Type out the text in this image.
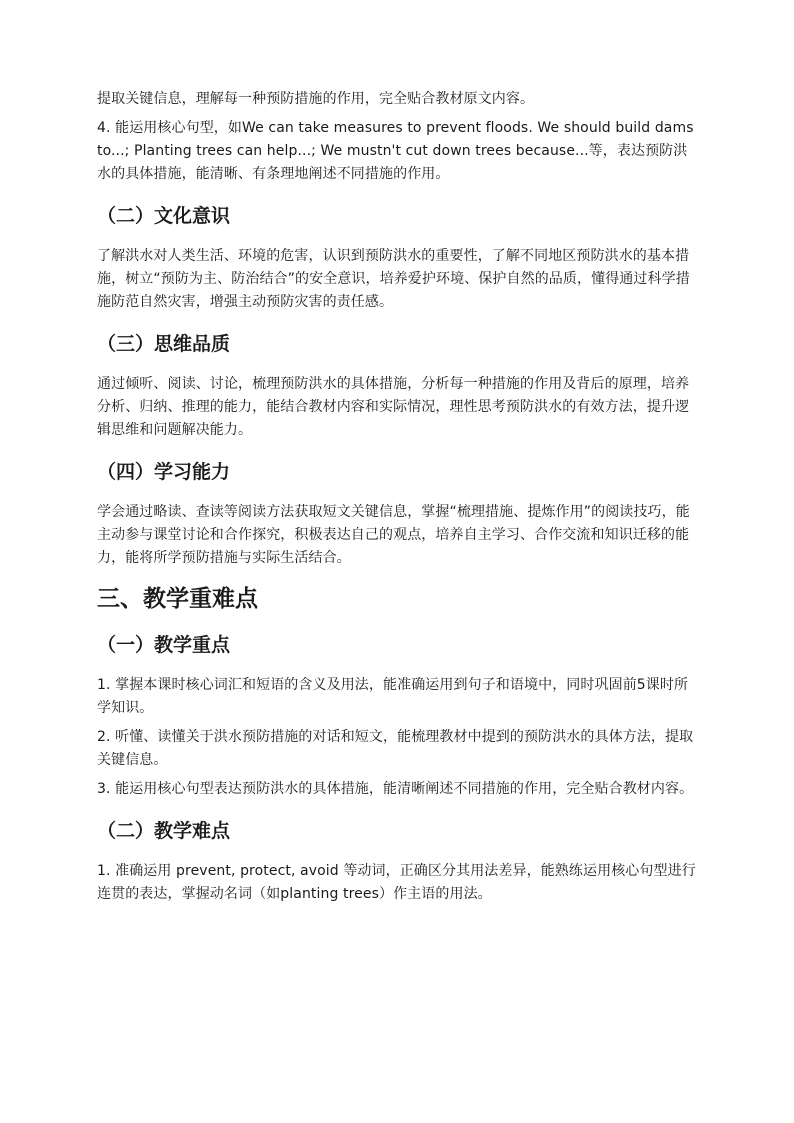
提取关键信息，理解每一种预防措施的作用，完全贴合教材原文内容。

4. 能运用核心句型，如We can take measures to prevent floods. We should build dams to...; Planting trees can help...; We mustn't cut down trees because...等，表达预防洪水的具体措施，能清晰、有条理地阐述不同措施的作用。

（二）文化意识

了解洪水对人类生活、环境的危害，认识到预防洪水的重要性，了解不同地区预防洪水的基本措施，树立“预防为主、防治结合”的安全意识，培养爱护环境、保护自然的品质，懂得通过科学措施防范自然灾害，增强主动预防灾害的责任感。

（三）思维品质

通过倾听、阅读、讨论，梳理预防洪水的具体措施，分析每一种措施的作用及背后的原理，培养分析、归纳、推理的能力，能结合教材内容和实际情况，理性思考预防洪水的有效方法，提升逻辑思维和问题解决能力。

（四）学习能力

学会通过略读、查读等阅读方法获取短文关键信息，掌握“梳理措施、提炼作用”的阅读技巧，能主动参与课堂讨论和合作探究，积极表达自己的观点，培养自主学习、合作交流和知识迁移的能力，能将所学预防措施与实际生活结合。

三、教学重难点
（一）教学重点

1. 掌握本课时核心词汇和短语的含义及用法，能准确运用到句子和语境中，同时巩固前5课时所学知识。

2. 听懂、读懂关于洪水预防措施的对话和短文，能梳理教材中提到的预防洪水的具体方法，提取关键信息。

3. 能运用核心句型表达预防洪水的具体措施，能清晰阐述不同措施的作用，完全贴合教材内容。

（二）教学难点

1. 准确运用 prevent, protect, avoid 等动词，正确区分其用法差异，能熟练运用核心句型进行连贯的表达，掌握动名词（如planting trees）作主语的用法。
